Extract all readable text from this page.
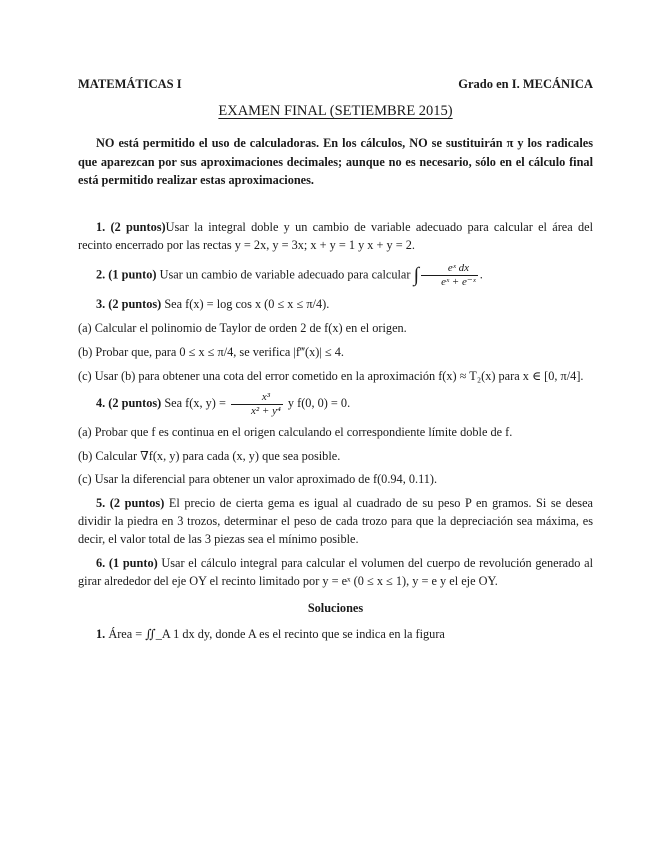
MATEMÁTICAS I	Grado en I. MECÁNICA
EXAMEN FINAL (SETIEMBRE 2015)
NO está permitido el uso de calculadoras. En los cálculos, NO se sustituirán π y los radicales que aparezcan por sus aproximaciones decimales; aunque no es necesario, sólo en el cálculo final está permitido realizar estas aproximaciones.

1. (2 puntos)Usar la integral doble y un cambio de variable adecuado para calcular el área del recinto encerrado por las rectas y = 2x, y = 3x; x + y = 1 y x + y = 2.

2. (1 punto) Usar un cambio de variable adecuado para calcular ∫ $\frac{\text{eˣ dx}}{\text{eˣ + e⁻ˣ}}$ .

3. (2 puntos) Sea f(x) = log cos x (0 ≤ x ≤ π/4).

(a) Calcular el polinomio de Taylor de orden 2 de f(x) en el origen.

(b) Probar que, para 0 ≤ x ≤ π/4, se verifica |f‴(x)| ≤ 4.

(c) Usar (b) para obtener una cota del error cometido en la aproximación f(x) ≈ T₂(x) para x ∈ [0, π/4].

4. (2 puntos) Sea f(x, $y) = \frac{\text{x³}}{\text{x² + y⁴}}$ y f(0, 0) = 0.

(a) Probar que f es continua en el origen calculando el correspondiente límite doble de f.

(b) Calcular ∇f(x, y) para cada (x, y) que sea posible.

(c) Usar la diferencial para obtener un valor aproximado de f(0.94, 0.11).

5. (2 puntos) El precio de cierta gema es igual al cuadrado de su peso P en gramos. Si se desea dividir la piedra en 3 trozos, determinar el peso de cada trozo para que la depreciación sea máxima, es decir, el valor total de las 3 piezas sea el mínimo posible.

6. (1 punto) Usar el cálculo integral para calcular el volumen del cuerpo de revolución generado al girar alrededor del eje OY el recinto limitado por y = eˣ (0 ≤ x ≤ 1), y = e y el eje OY.

Soluciones

1. Área = ∬_A 1 dx dy, donde A es el recinto que se indica en la figura
